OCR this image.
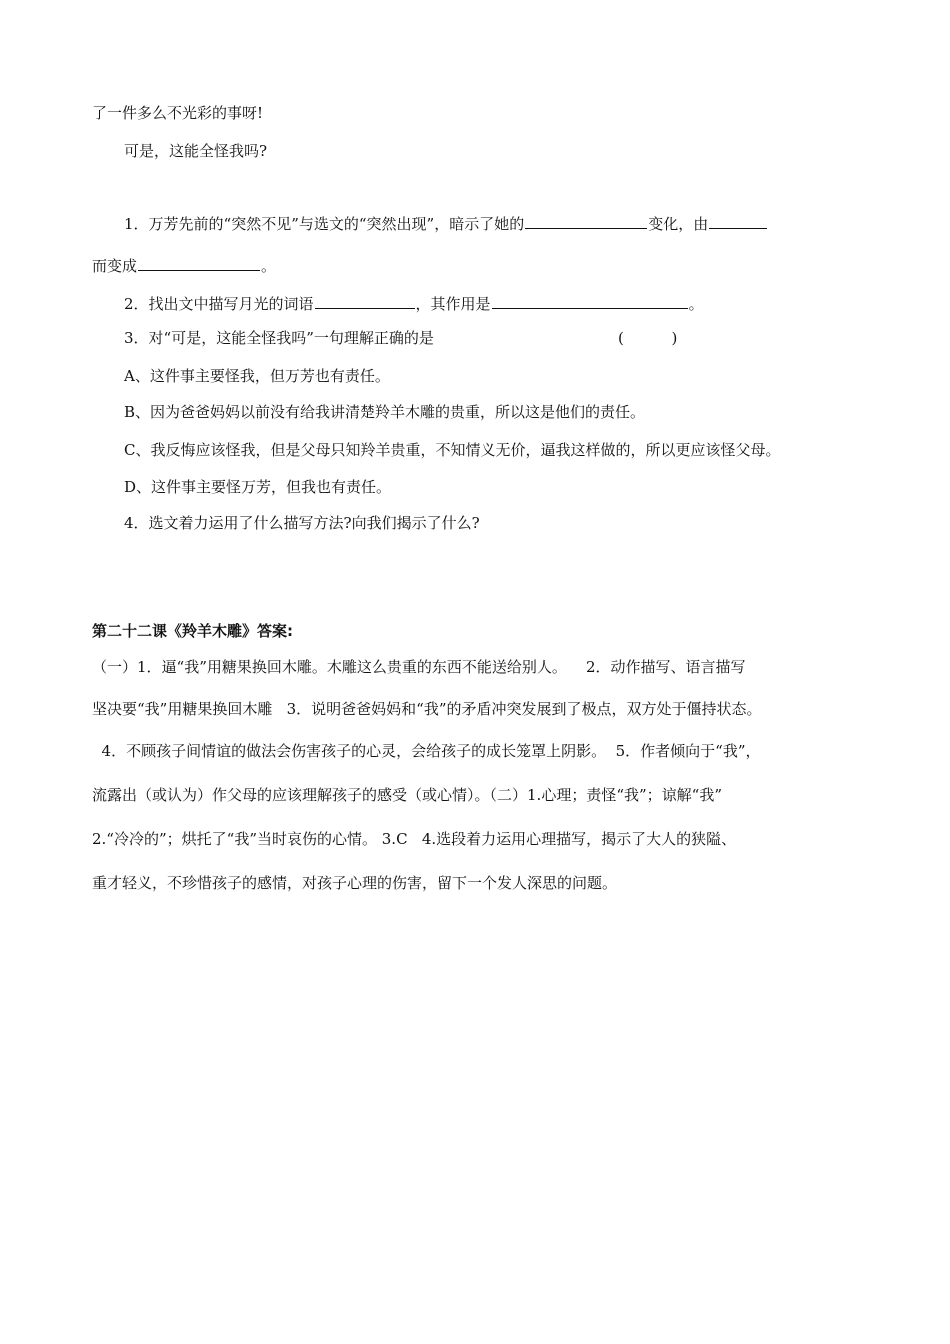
了一件多么不光彩的事呀!
可是，这能全怪我吗?
1．万芳先前的“突然不见”与选文的“突然出现”，暗示了她的	变化，由
而变成	。
2．找出文中描写月光的词语	，其作用是	。
3．对“可是，这能全怪我吗”一句理解正确的是	(          )
A、这件事主要怪我，但万芳也有责任。
B、因为爸爸妈妈以前没有给我讲清楚羚羊木雕的贵重，所以这是他们的责任。
C、我反悔应该怪我，但是父母只知羚羊贵重，不知情义无价，逼我这样做的，所以更应该怪父母。
D、这件事主要怪万芳，但我也有责任。
4．选文着力运用了什么描写方法?向我们揭示了什么?
第二十二课《羚羊木雕》答案:
（一）1．逼“我”用糖果换回木雕。木雕这么贵重的东西不能送给别人。    2．动作描写、语言描写
坚决要“我”用糖果换回木雕   3．说明爸爸妈妈和“我”的矛盾冲突发展到了极点，双方处于僵持状态。
4．不顾孩子间情谊的做法会伤害孩子的心灵，会给孩子的成长笼罩上阴影。  5．作者倾向于“我”，
流露出（或认为）作父母的应该理解孩子的感受（或心情）。（二）1.心理；责怪“我”；谅解“我”
2.“冷冷的”；烘托了“我”当时哀伤的心情。 3.C   4.选段着力运用心理描写，揭示了大人的狭隘、
重才轻义，不珍惜孩子的感情，对孩子心理的伤害，留下一个发人深思的问题。
